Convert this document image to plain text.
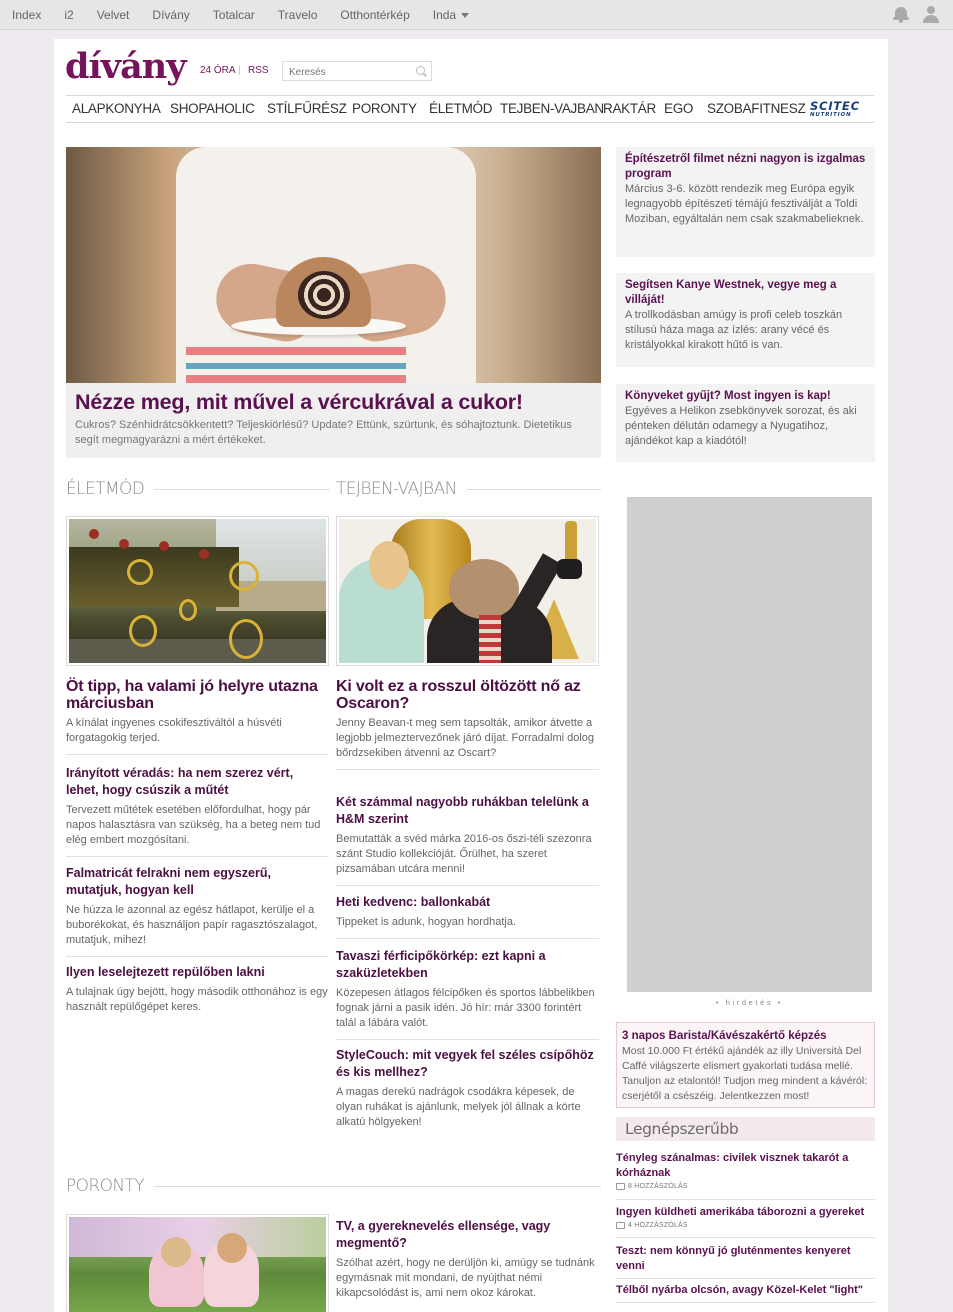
Index i2 Velvet Dívány Totalcar Travelo Otthontérkép Inda
dívány 24 ÓRA | RSS
Keresés
ALAPKONYHA SHOPAHOLIC STÍLFŰRÉSZ PORONTY ÉLETMÓD TEJBEN-VAJBAN RAKTÁR EGO SZOBAFITNESZ SCITEC
NUTRITION
Nézze meg, mit művel a vércukrával a cukor!

Cukros? Szénhidrátcsökkentett? Teljeskiörlésű? Update? Ettünk, szürtunk, és sóhajtoztunk. Dietetikus segít megmagyarázni a mért értékeket.

Építészetről filmet nézni nagyon is izgalmas program

Március 3-6. között rendezik meg Európa egyik legnagyobb építészeti témájú fesztiválját a Toldi Moziban, egyáltalán nem csak szakmabelieknek.

Segítsen Kanye Westnek, vegye meg a villáját!

A trollkodásban amúgy is profi celeb toszkán stílusú háza maga az ízlés: arany vécé és kristályokkal kirakott hűtő is van.

Könyveket gyűjt? Most ingyen is kap!

Egyéves a Helikon zsebkönyvek sorozat, és aki pénteken délután odamegy a Nyugatihoz, ajándékot kap a kiadótól!

ÉLETMÓD	TEJBEN-VAJBAN
Öt tipp, ha valami jó helyre utazna márciusban

A kínálat ingyenes csokifesztiváltól a húsvéti forgatagokig terjed.

Irányított véradás: ha nem szerez vért, lehet, hogy csúszik a műtét

Tervezett műtétek esetében előfordulhat, hogy pár napos halasztásra van szükség, ha a beteg nem tud elég embert mozgósítani.

Falmatricát felrakni nem egyszerű, mutatjuk, hogyan kell

Ne húzza le azonnal az egész hátlapot, kerülje el a buborékokat, és használjon papír ragasztószalagot, mutatjuk, mihez!

Ilyen leselejtezett repülőben lakni

A tulajnak úgy bejött, hogy második otthonához is egy használt repülőgépet keres.

Ki volt ez a rosszul öltözött nő az Oscaron?

Jenny Beavan-t meg sem tapsolták, amikor átvette a legjobb jelmeztervezőnek járó díjat. Forradalmi dolog bőrdzsekiben átvenni az Oscart?

Két számmal nagyobb ruhákban telelünk a H&M szerint

Bemutatták a svéd márka 2016-os őszi-téli szezonra szánt Studio kollekcióját. Őrülhet, ha szeret pizsamában utcára menni!

Heti kedvenc: ballonkabát

Tippeket is adunk, hogyan hordhatja.

Tavaszi férficipőkörkép: ezt kapni a szaküzletekben

Közepesen átlagos félcipőken és sportos lábbelikben fognak járni a pasik idén. Jó hír: már 3300 forintért talál a lábára valót.

StyleCouch: mit vegyek fel széles csípőhöz és kis mellhez?

A magas derekú nadrágok csodákra képesek, de olyan ruhákat is ajánlunk, melyek jól állnak a körte alkatú hölgyeken!

PORONTY
TV, a gyereknevelés ellensége, vagy megmentő?

Szólhat azért, hogy ne derüljön ki, amúgy se tudnánk egymásnak mit mondani, de nyújthat némi kikapcsolódást is, ami nem okoz károkat.

• hirdetés •
3 napos Barista/Kávészakértő képzés

Most 10.000 Ft értékű ajándék az illy Università Del Caffé világszerte elismert gyakorlati tudása mellé. Tanuljon az etalontól! Tudjon meg mindent a kávéról: cserjétől a csészéig. Jelentkezzen most!

Legnépszerűbb
Tényleg szánalmas: civilek visznek takarót a kórháznak
8 HOZZÁSZÓLÁS
Ingyen küldheti amerikába táborozni a gyereket
4 HOZZÁSZÓLÁS
Teszt: nem könnyű jó gluténmentes kenyeret venni
Télből nyárba olcsón, avagy Közel-Kelet "light"
